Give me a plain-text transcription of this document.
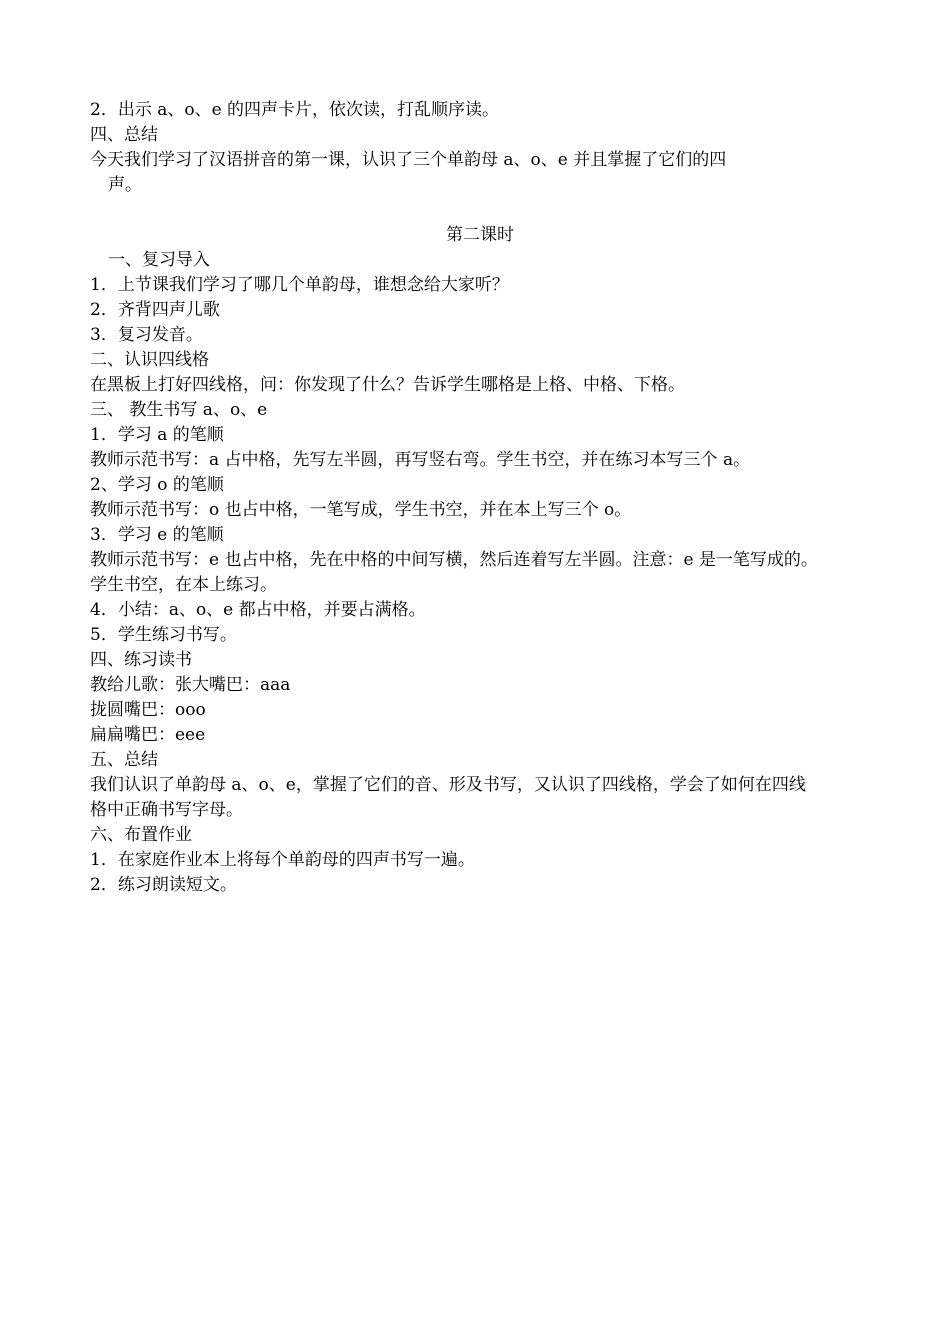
2．出示 a、o、e 的四声卡片，依次读，打乱顺序读。
四、总结
今天我们学习了汉语拼音的第一课，认识了三个单韵母 a、o、e 并且掌握了它们的四
声。
第二课时
一、复习导入
1．上节课我们学习了哪几个单韵母，谁想念给大家听？
2．齐背四声儿歌
3．复习发音。
二、认识四线格
在黑板上打好四线格，问：你发现了什么？告诉学生哪格是上格、中格、下格。
三、 教生书写 a、o、e
1．学习 a 的笔顺
教师示范书写：a 占中格，先写左半圆，再写竖右弯。学生书空，并在练习本写三个 a。
2、学习 o 的笔顺
教师示范书写：o 也占中格，一笔写成，学生书空，并在本上写三个 o。
3．学习 e 的笔顺
教师示范书写：e 也占中格，先在中格的中间写横，然后连着写左半圆。注意：e 是一笔写成的。
学生书空，在本上练习。
4．小结：a、o、e 都占中格，并要占满格。
5．学生练习书写。
四、练习读书
教给儿歌：张大嘴巴：aaa
拢圆嘴巴：ooo
扁扁嘴巴：eee
五、总结
我们认识了单韵母 a、o、e，掌握了它们的音、形及书写，又认识了四线格，学会了如何在四线
格中正确书写字母。
六、布置作业
1．在家庭作业本上将每个单韵母的四声书写一遍。
2．练习朗读短文。
